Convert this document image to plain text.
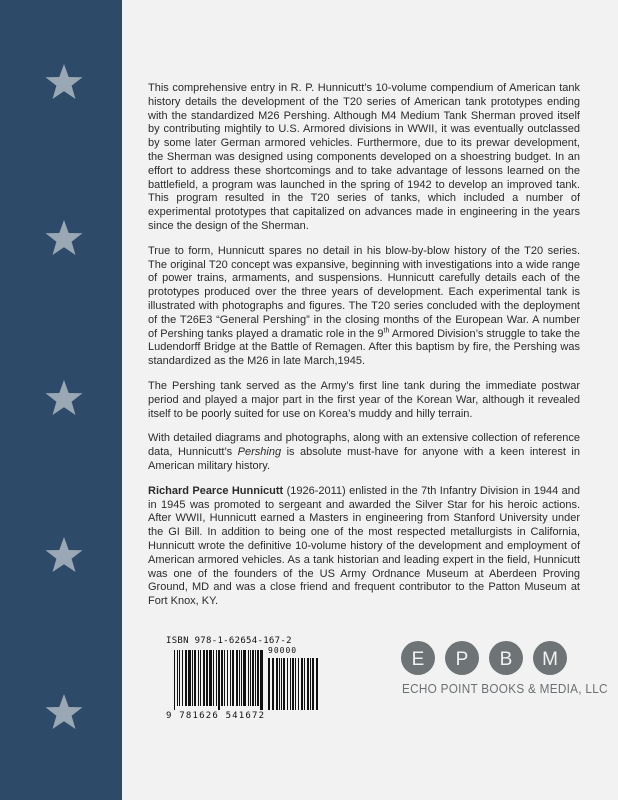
This comprehensive entry in R. P. Hunnicutt’s 10-volume compendium of American tank history details the development of the T20 series of American tank prototypes ending with the standardized M26 Pershing. Although M4 Medium Tank Sherman proved itself by contributing mightily to U.S. Armored divisions in WWII, it was eventually outclassed by some later German armored vehicles. Furthermore, due to its prewar development, the Sherman was designed using components developed on a shoestring budget. In an effort to address these shortcomings and to take advantage of lessons learned on the battlefield, a program was launched in the spring of 1942 to develop an improved tank. This program resulted in the T20 series of tanks, which included a number of experimental prototypes that capitalized on advances made in engineering in the years since the design of the Sherman.

True to form, Hunnicutt spares no detail in his blow-by-blow history of the T20 series. The original T20 concept was expansive, beginning with investigations into a wide range of power trains, armaments, and suspensions. Hunnicutt carefully details each of the prototypes produced over the three years of development. Each experimental tank is illustrated with photographs and figures. The T20 series concluded with the deployment of the T26E3 “General Pershing” in the closing months of the European War. A number of Pershing tanks played a dramatic role in the 9th Armored Division’s struggle to take the Ludendorff Bridge at the Battle of Remagen. After this baptism by fire, the Pershing was standardized as the M26 in late March,1945.

The Pershing tank served as the Army’s first line tank during the immediate postwar period and played a major part in the first year of the Korean War, although it revealed itself to be poorly suited for use on Korea’s muddy and hilly terrain.

With detailed diagrams and photographs, along with an extensive collection of reference data, Hunnicutt’s Pershing is absolute must-have for anyone with a keen interest in American military history.

Richard Pearce Hunnicutt (1926-2011) enlisted in the 7th Infantry Division in 1944 and in 1945 was promoted to sergeant and awarded the Silver Star for his heroic actions. After WWII, Hunnicutt earned a Masters in engineering from Stanford University under the GI Bill. In addition to being one of the most respected metallurgists in California, Hunnicutt wrote the definitive 10-volume history of the development and employment of American armored vehicles. As a tank historian and leading expert in the field, Hunnicutt was one of the founders of the US Army Ordnance Museum at Aberdeen Proving Ground, MD and was a close friend and frequent contributor to the Patton Museum at Fort Knox, KY.

ISBN 978-1-62654-167-2
90000
9 781626 541672
E P B M
ECHO POINT BOOKS & MEDIA, LLC
